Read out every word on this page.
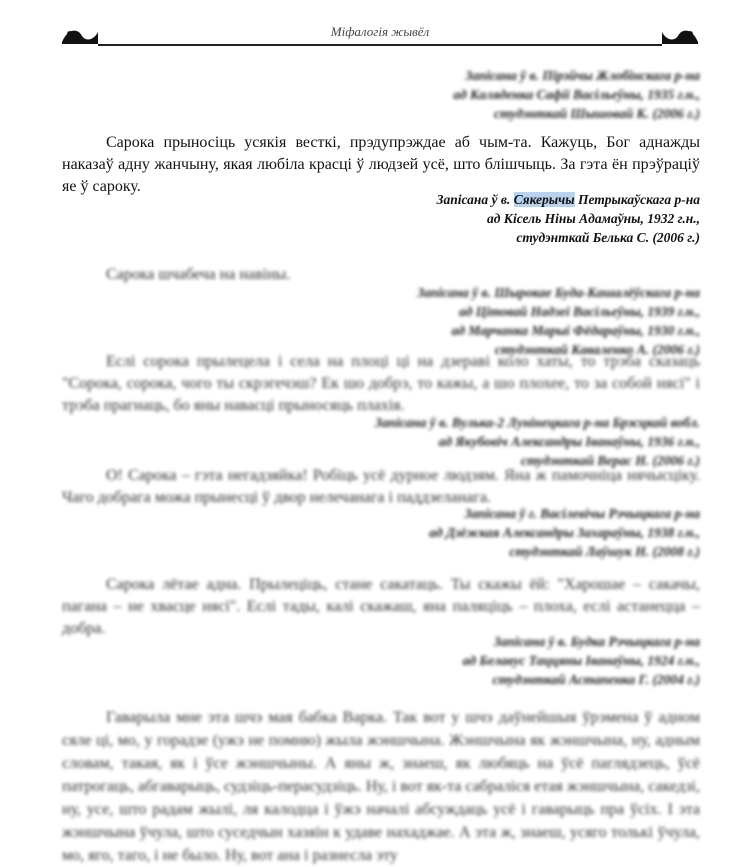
Міфалогія жывёл
Запісана ў в. Пірэйчы Жлобінскага р-на
ад Каляденка Сафіі Васільеўны, 1935 г.н.,
студэнткай Шышовай К. (2006 г.)
Сарока прыносіць усякія весткі, прэдупрэждае аб чым-та. Кажуць, Бог аднажды наказаў адну жанчыну, якая любіла красці ў людзей усё, што блішчыць. За гэта ён прэўраціў яе ў сароку.
Запісана ў в. Сякерычы Петрыкаўскага р-на
ад Кісель Ніны Адамаўны, 1932 г.н.,
студэнткай Белька С. (2006 г.)
Сарока шчабеча на навіны.
Запісана ў в. Шырокае Буда-Кашалёўскага р-на
ад Цітовай Надзеі Васільеўны, 1939 г.н.,
ад Марчанка Марыі Фёдараўны, 1930 г.н.,
студэнткай Каваленко А. (2006 г.)
Еслі сорока прылецела і села на плоці ці на дзераві коло хаты, то трэба сказаць "Сорока, сорока, чого ты скрэгечэш? Ек шо добрэ, то кажы, а шо плохее, то за собой нясі" і трэба прагнаць, бо яны навасці прыносяць плахія.
Запісана ў в. Вулька-2 Лунінецкага р-на Брэсцкай вобл.
ад Якубовіч Александры Іванаўны, 1936 г.н.,
студэнткай Верас Н. (2006 г.)
О! Сарока – гэта негадзяйка! Робіць усё дурное людзям. Яна ж памочніца нячысціку. Чаго добрага можа прынесці ў двор нелечанага і паддзеланага.
Запісана ў г. Васілевічы Рэчыцкага р-на
ад Дзёжкая Александры Захараўны, 1938 г.н.,
студэнткай Лаўшук Н. (2008 г.)
Сарока лётае адна. Прылеціць, стане сакатаць. Ты скажы ёй: "Харошае – сакачы, пагана – не хвасце нясі". Еслі тады, калі скажаш, яна паляціць – плоха, еслі астанецца – добра.
Запісана ў в. Будка Рэчыцкага р-на
ад Белавус Таццяны Іванаўны, 1924 г.н.,
студэнткай Астапенка Г. (2004 г.)
Гаварыла мне эта шчэ мая бабка Варка. Так вот у шчэ даўнейшыя ўрэмена ў адном сяле ці, мо, у горадзе (ужэ не помню) жыла жэншчына. Жэншчына як жэншчына, ну, адным словам, такая, як і ўсе жэншчыны. А яны ж, знаеш, як любяць на ўсё паглядзець, ўсё патрогаць, абгаварыць, судзіць-перасудзіць. Ну, і вот як-та сабраліся етая жэншчына, сакедзі, ну, усе, што радам жылі, ля калодца і ўжэ началі абсуждаць усё і гаварыць пра ўсіх. І эта жэншчына ўчула, што суседчын хазяін к удаве нахаджае. А эта ж, знаеш, усяго толькі ўчула, мо, яго, таго, і не было. Ну, вот ана і разнесла эту
